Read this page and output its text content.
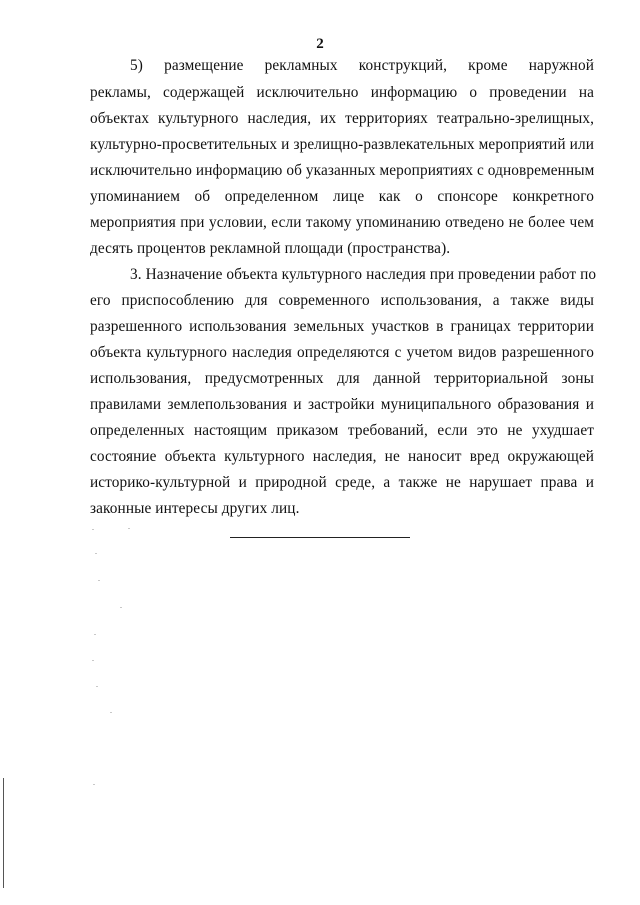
2
5) размещение рекламных конструкций, кроме наружной
рекламы, содержащей исключительно информацию о проведении на
объектах культурного наследия, их территориях театрально-зрелищных,
культурно-просветительных и зрелищно-развлекательных мероприятий или
исключительно информацию об указанных мероприятиях с одновременным
упоминанием об определенном лице как о спонсоре конкретного
мероприятия при условии, если такому упоминанию отведено не более чем
десять процентов рекламной площади (пространства).
3. Назначение объекта культурного наследия при проведении работ по
его приспособлению для современного использования, а также виды
разрешенного использования земельных участков в границах территории
объекта культурного наследия определяются с учетом видов разрешенного
использования, предусмотренных для данной территориальной зоны
правилами землепользования и застройки муниципального образования и
определенных настоящим приказом требований, если это не ухудшает
состояние объекта культурного наследия, не наносит вред окружающей
историко-культурной и природной среде, а также не нарушает права и
законные интересы других лиц.
